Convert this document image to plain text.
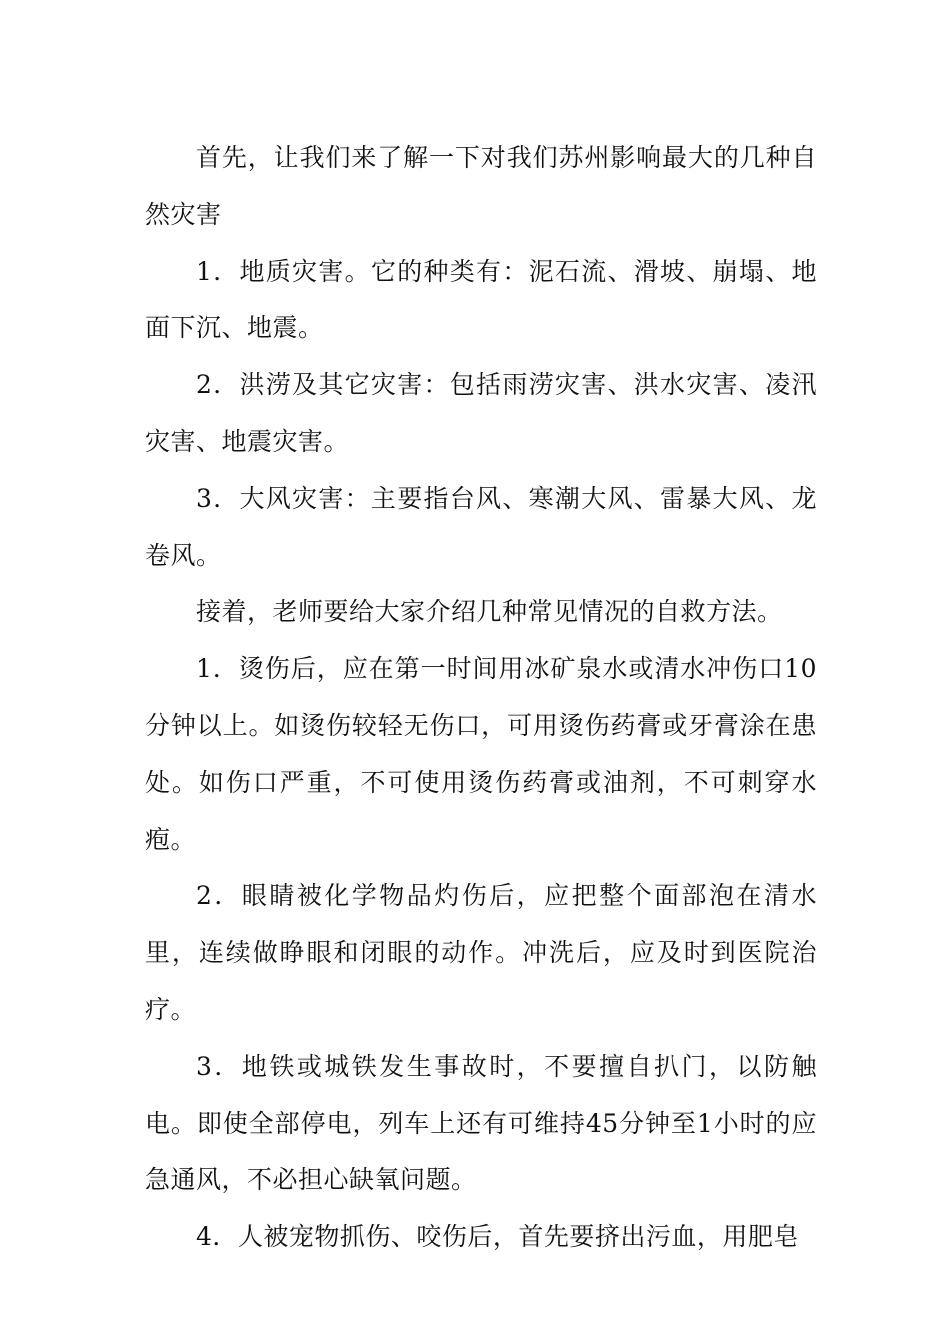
首先，让我们来了解一下对我们苏州影响最大的几种自然灾害

1．地质灾害。它的种类有：泥石流、滑坡、崩塌、地面下沉、地震。

2．洪涝及其它灾害：包括雨涝灾害、洪水灾害、凌汛灾害、地震灾害。

3．大风灾害：主要指台风、寒潮大风、雷暴大风、龙卷风。

接着，老师要给大家介绍几种常见情况的自救方法。

1．烫伤后，应在第一时间用冰矿泉水或清水冲伤口10分钟以上。如烫伤较轻无伤口，可用烫伤药膏或牙膏涂在患处。如伤口严重，不可使用烫伤药膏或油剂，不可刺穿水疱。

2．眼睛被化学物品灼伤后，应把整个面部泡在清水里，连续做睁眼和闭眼的动作。冲洗后，应及时到医院治疗。

3．地铁或城铁发生事故时，不要擅自扒门，以防触电。即使全部停电，列车上还有可维持45分钟至1小时的应急通风，不必担心缺氧问题。

4．人被宠物抓伤、咬伤后，首先要挤出污血，用肥皂
